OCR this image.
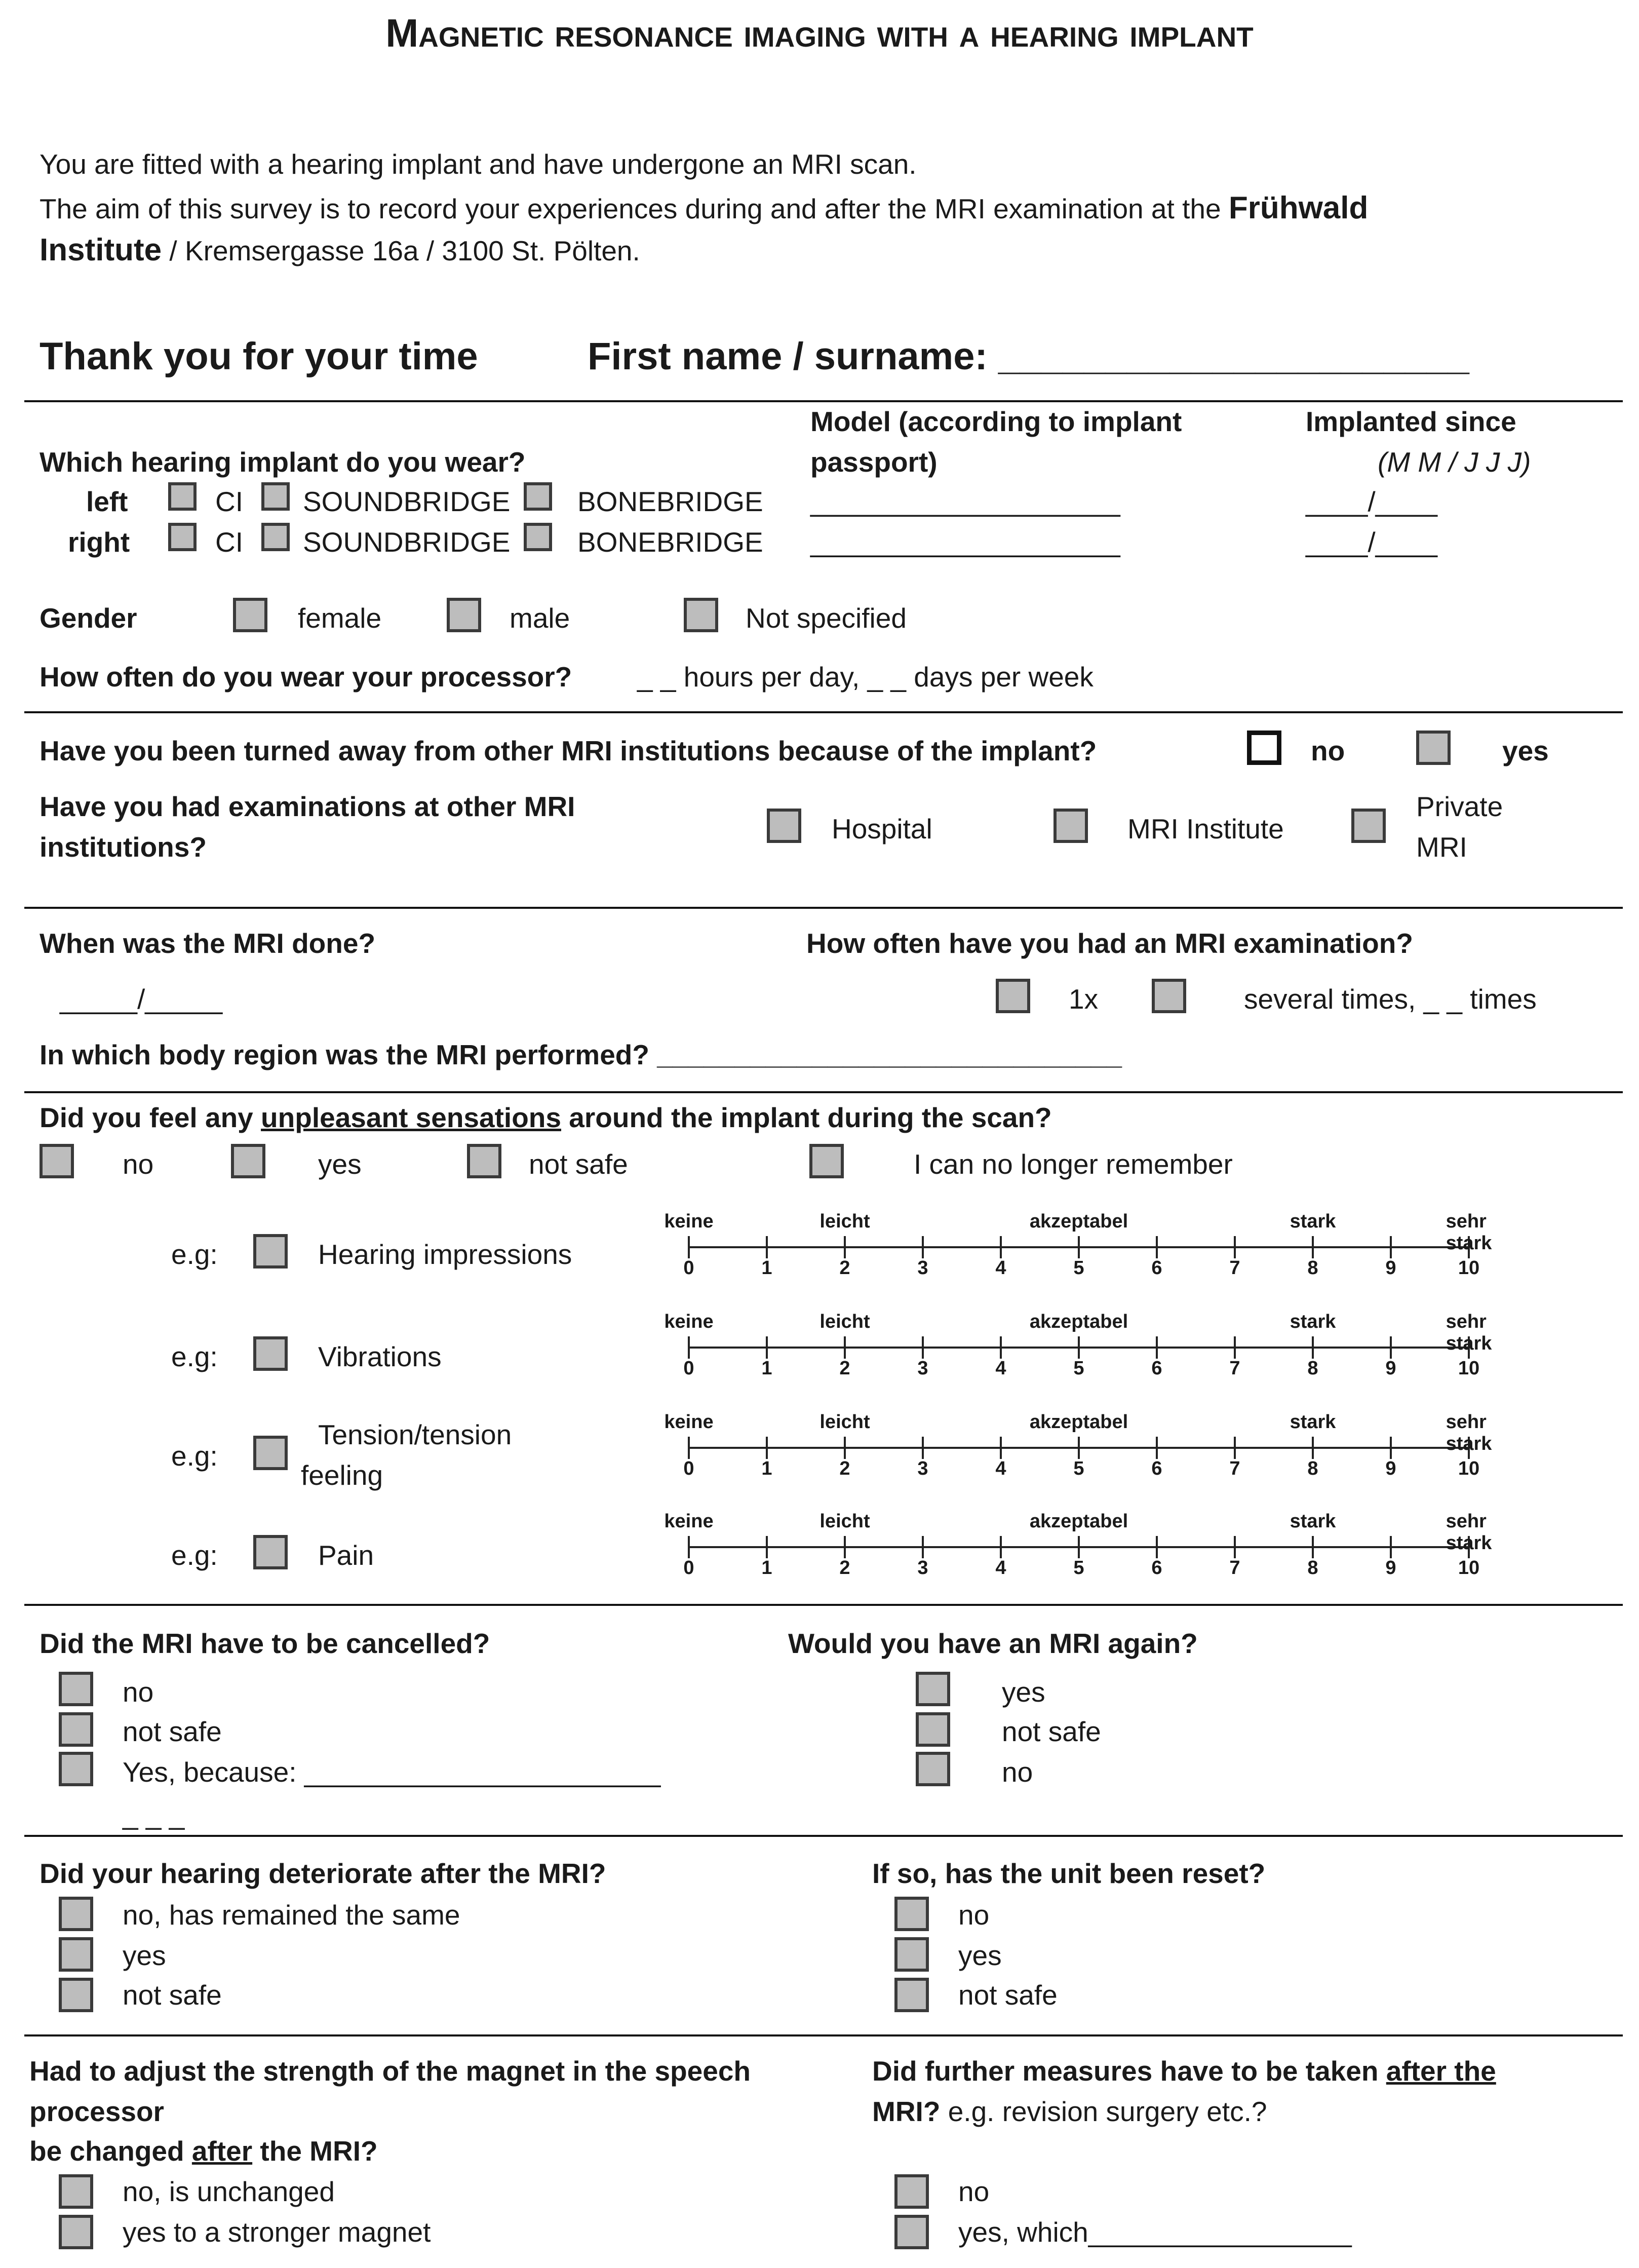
Magnetic resonance imaging with a hearing implant
You are fitted with a hearing implant and have undergone an MRI scan.
The aim of this survey is to record your experiences during and after the MRI examination at the Frühwald
Institute / Kremsergasse 16a / 3100 St. Pölten.
Thank you for your time	First name / surname: ______________________
Which hearing implant do you wear?
Model (according to implant
passport)
Implanted since
(M M / J J J)
left	CI SOUNDBRIDGE BONEBRIDGE ____________________	____/____
right	CI SOUNDBRIDGE BONEBRIDGE ____________________	____/____
Gender	female	male	Not specified
How often do you wear your processor? _ _ hours per day, _ _ days per week
Have you been turned away from other MRI institutions because of the implant?	no	yes
Have you had examinations at other MRI
institutions?
Hospital	MRI Institute
Private
MRI
When was the MRI done?
_____/_____
How often have you had an MRI examination?
1x	several times, _ _ times
In which body region was the MRI performed? ______________________________
Did you feel any unpleasant sensations around the implant during the scan?
no	yes	not safe	I can no longer remember
e.g:	Hearing impressions	0	1	2	3	4	5	6	7	8	9	10
keine	leicht	akzeptabel	stark	sehr stark
e.g:	Vibrations	0	1	2	3	4	5	6	7	8	9	10
keine	leicht	akzeptabel	stark	sehr stark
e.g:
Tension/tension
feeling	0	1	2	3	4	5	6	7	8	9	10
keine	leicht	akzeptabel	stark	sehr stark
e.g:	Pain	0	1	2	3	4	5	6	7	8	9	10
keine	leicht	akzeptabel	stark	sehr stark
Did the MRI have to be cancelled?
no
not safe
Yes, because: _______________________
_ _ _
Would you have an MRI again?
yes
not safe
no
Did your hearing deteriorate after the MRI?
no, has remained the same
yes
not safe
If so, has the unit been reset?
no
yes
not safe
Had to adjust the strength of the magnet in the speech
processor
be changed after the MRI?
no, is unchanged
yes to a stronger magnet
Did further measures have to be taken after the
MRI? e.g. revision surgery etc.?
no
yes, which_________________
